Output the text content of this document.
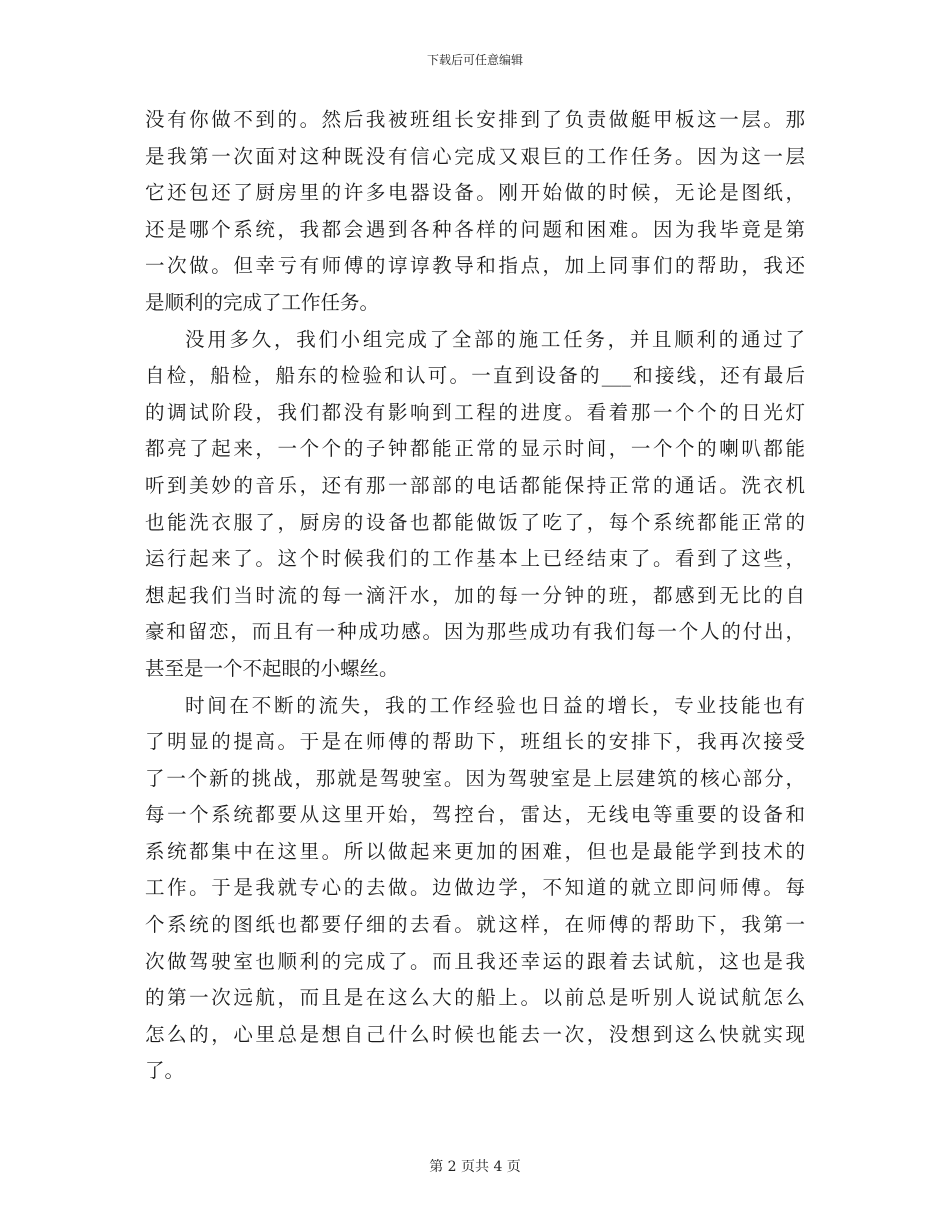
下载后可任意编辑
没有你做不到的。然后我被班组长安排到了负责做艇甲板这一层。那
是我第一次面对这种既没有信心完成又艰巨的工作任务。因为这一层
它还包还了厨房里的许多电器设备。刚开始做的时候，无论是图纸，
还是哪个系统，我都会遇到各种各样的问题和困难。因为我毕竟是第
一次做。但幸亏有师傅的谆谆教导和指点，加上同事们的帮助，我还
是顺利的完成了工作任务。
没用多久，我们小组完成了全部的施工任务，并且顺利的通过了
自检，船检，船东的检验和认可。一直到设备的___和接线，还有最后
的调试阶段，我们都没有影响到工程的进度。看着那一个个的日光灯
都亮了起来，一个个的子钟都能正常的显示时间，一个个的喇叭都能
听到美妙的音乐，还有那一部部的电话都能保持正常的通话。洗衣机
也能洗衣服了，厨房的设备也都能做饭了吃了，每个系统都能正常的
运行起来了。这个时候我们的工作基本上已经结束了。看到了这些，
想起我们当时流的每一滴汗水，加的每一分钟的班，都感到无比的自
豪和留恋，而且有一种成功感。因为那些成功有我们每一个人的付出，
甚至是一个不起眼的小螺丝。
时间在不断的流失，我的工作经验也日益的增长，专业技能也有
了明显的提高。于是在师傅的帮助下，班组长的安排下，我再次接受
了一个新的挑战，那就是驾驶室。因为驾驶室是上层建筑的核心部分，
每一个系统都要从这里开始，驾控台，雷达，无线电等重要的设备和
系统都集中在这里。所以做起来更加的困难，但也是最能学到技术的
工作。于是我就专心的去做。边做边学，不知道的就立即问师傅。每
个系统的图纸也都要仔细的去看。就这样，在师傅的帮助下，我第一
次做驾驶室也顺利的完成了。而且我还幸运的跟着去试航，这也是我
的第一次远航，而且是在这么大的船上。以前总是听别人说试航怎么
怎么的，心里总是想自己什么时候也能去一次，没想到这么快就实现
了。
第 2 页共 4 页
